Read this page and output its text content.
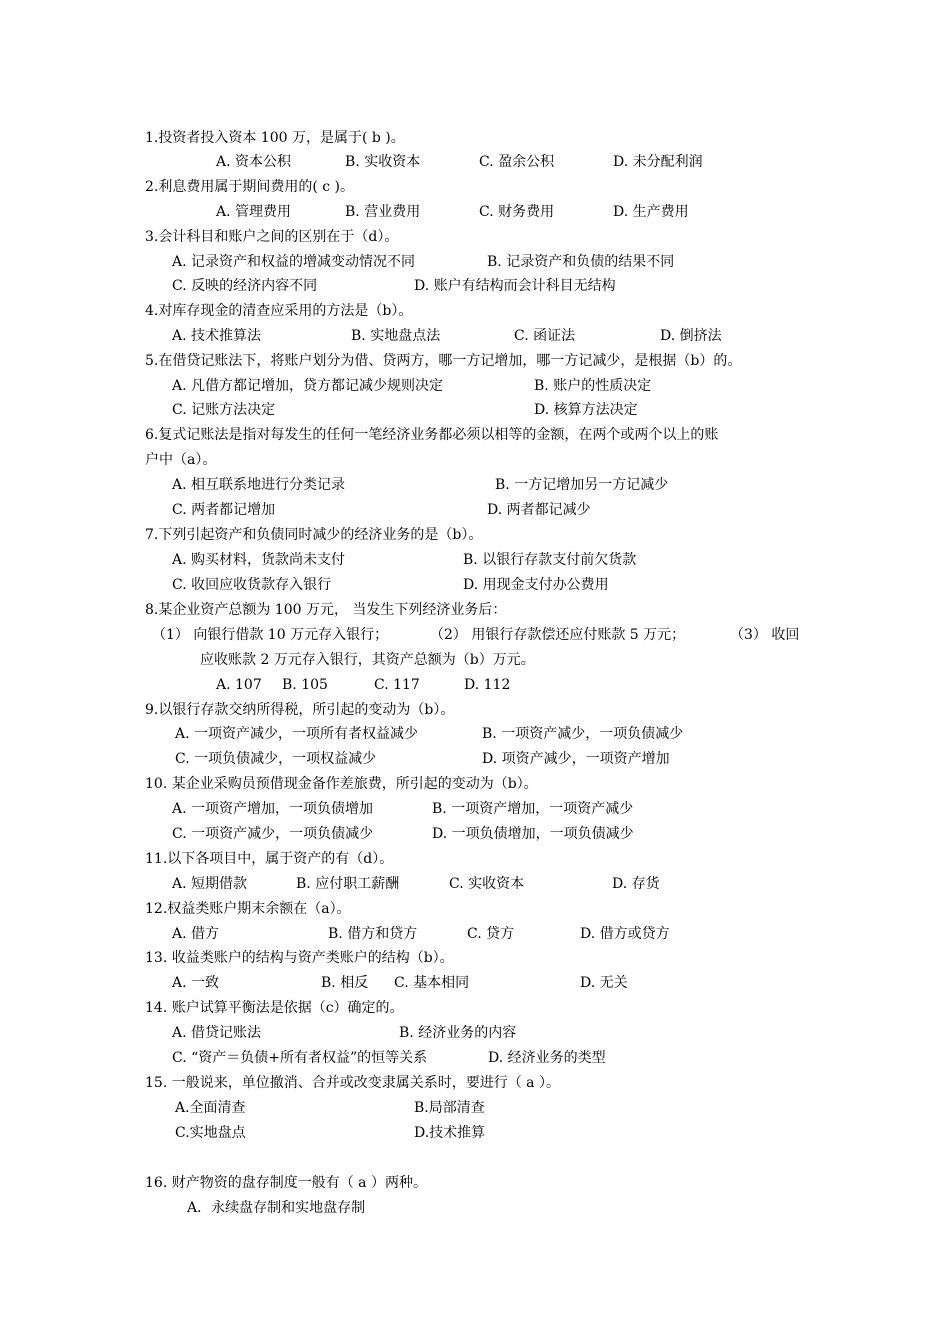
1.投资者投入资本 100 万，是属于( b )。
A. 资本公积	B. 实收资本	C. 盈余公积	D. 未分配利润
2.利息费用属于期间费用的( c )。
A. 管理费用	B. 营业费用	C. 财务费用	D. 生产费用
3.会计科目和账户之间的区别在于（d）。
A. 记录资产和权益的增减变动情况不同	B. 记录资产和负债的结果不同
C. 反映的经济内容不同	D. 账户有结构而会计科目无结构
4.对库存现金的清查应采用的方法是（b）。
A. 技术推算法	B. 实地盘点法	C. 函证法	D. 倒挤法
5.在借贷记账法下，将账户划分为借、贷两方，哪一方记增加，哪一方记减少，是根据（b）的。
A. 凡借方都记增加，贷方都记减少规则决定	B. 账户的性质决定
C. 记账方法决定	D. 核算方法决定
6.复式记账法是指对每发生的任何一笔经济业务都必须以相等的金额，在两个或两个以上的账
户中（a）。
A. 相互联系地进行分类记录	B. 一方记增加另一方记减少
C. 两者都记增加	D. 两者都记减少
7.下列引起资产和负债同时减少的经济业务的是（b）。
A. 购买材料，货款尚未支付	B. 以银行存款支付前欠货款
C. 收回应收货款存入银行	D. 用现金支付办公费用
8.某企业资产总额为 100 万元， 当发生下列经济业务后：
（1） 向银行借款 10 万元存入银行；	（2） 用银行存款偿还应付账款 5 万元；	（3） 收回
应收账款 2 万元存入银行，其资产总额为（b）万元。
A. 107 B. 105	C. 117	D. 112
9.以银行存款交纳所得税，所引起的变动为（b）。
A. 一项资产减少，一项所有者权益减少	B. 一项资产减少，一项负债减少
C. 一项负债减少，一项权益减少	D. 项资产减少，一项资产增加
10. 某企业采购员预借现金备作差旅费，所引起的变动为（b）。
A. 一项资产增加，一项负债增加	B. 一项资产增加，一项资产减少
C. 一项资产减少，一项负债减少	D. 一项负债增加，一项负债减少
11.以下各项目中，属于资产的有（d）。
A. 短期借款	B. 应付职工薪酬	C. 实收资本	D. 存货
12.权益类账户期末余额在（a）。
A. 借方	B. 借方和贷方	C. 贷方	D. 借方或贷方
13. 收益类账户的结构与资产类账户的结构（b）。
A. 一致	B. 相反 C. 基本相同	D. 无关
14. 账户试算平衡法是依据（c）确定的。
A. 借贷记账法	B. 经济业务的内容
C. “资产＝负债+所有者权益”的恒等关系	D. 经济业务的类型
15. 一般说来，单位撤消、合并或改变隶属关系时，要进行（ a ）。
A.全面清查	B.局部清查
C.实地盘点	D.技术推算
16. 财产物资的盘存制度一般有（ a ）两种。
A．永续盘存制和实地盘存制
